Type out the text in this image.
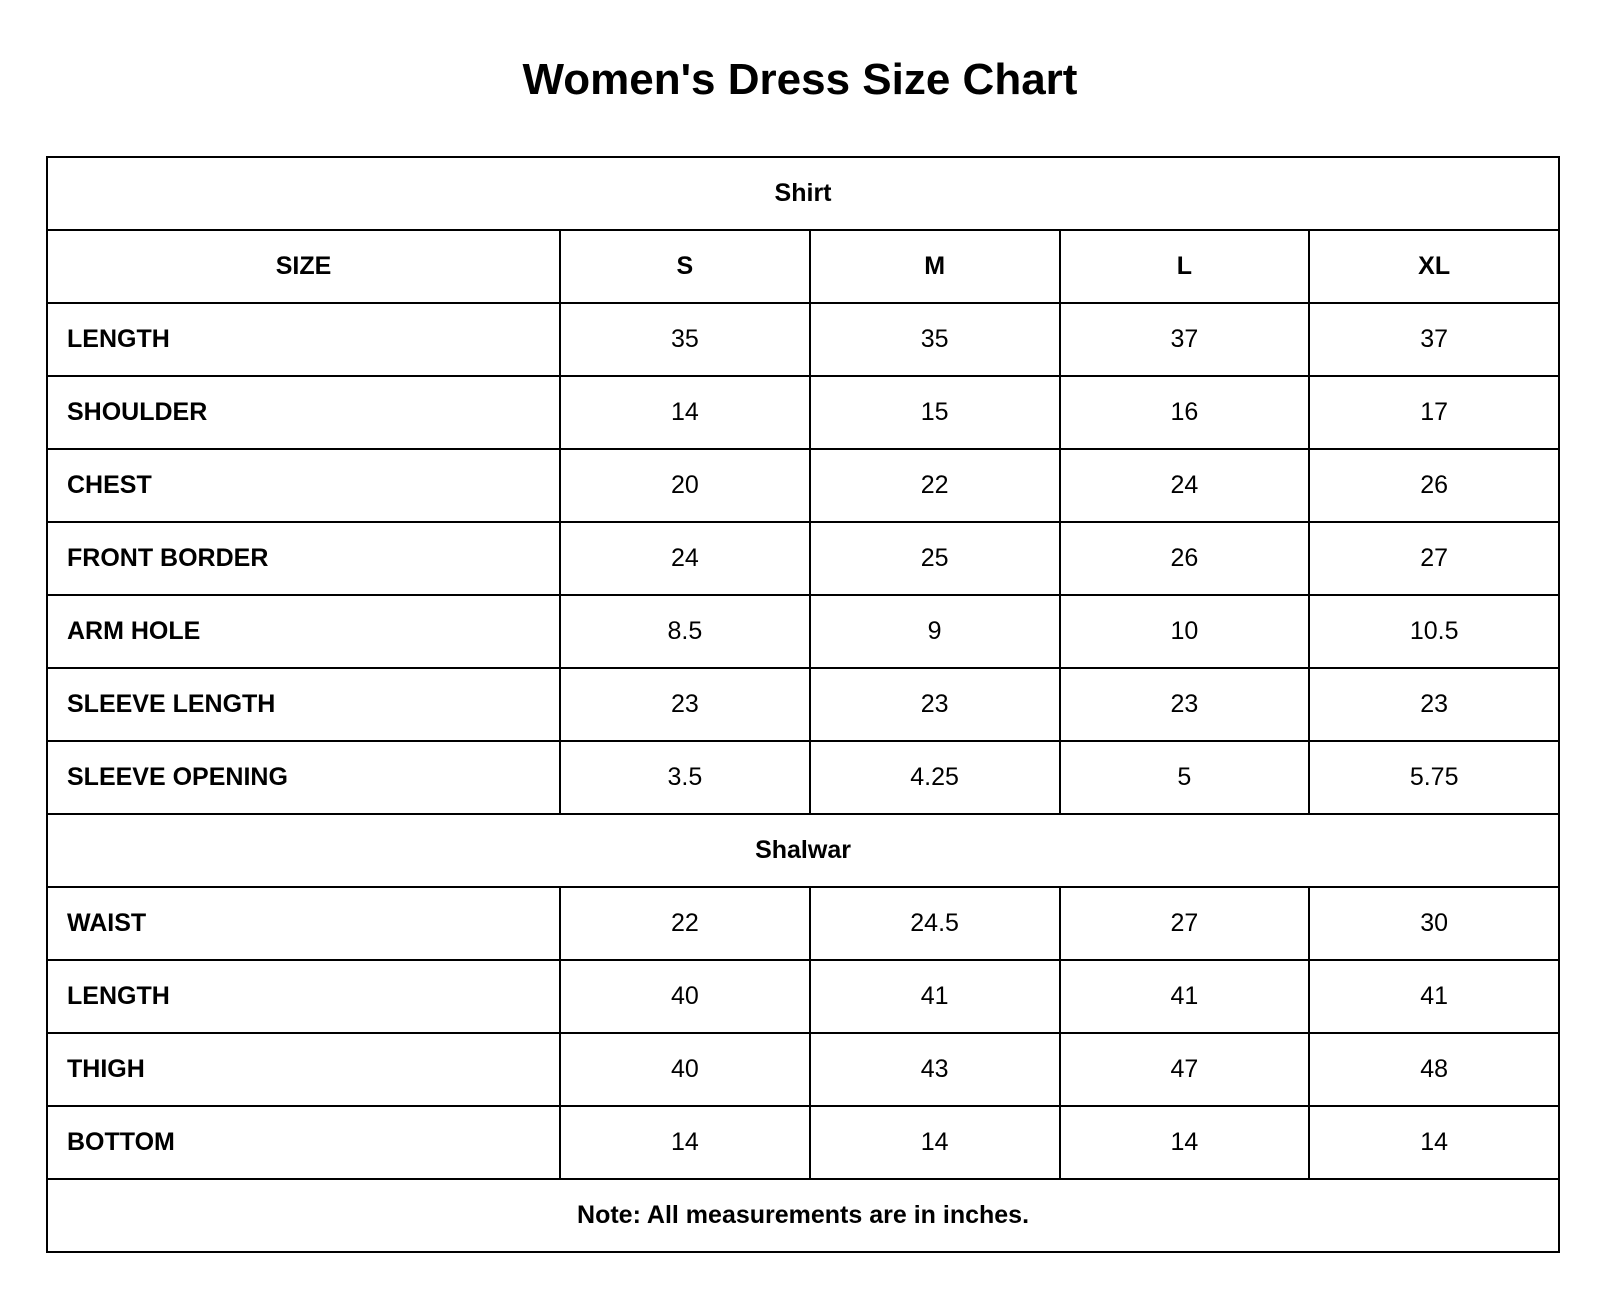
Women's Dress Size Chart
Shirt				
SIZE	S	M	L	XL
LENGTH	35	35	37	37
SHOULDER	14	15	16	17
CHEST	20	22	24	26
FRONT BORDER	24	25	26	27
ARM HOLE	8.5	9	10	10.5
SLEEVE LENGTH	23	23	23	23
SLEEVE OPENING	3.5	4.25	5	5.75
Shalwar				
WAIST	22	24.5	27	30
LENGTH	40	41	41	41
THIGH	40	43	47	48
BOTTOM	14	14	14	14
Note: All measurements are in inches.				
